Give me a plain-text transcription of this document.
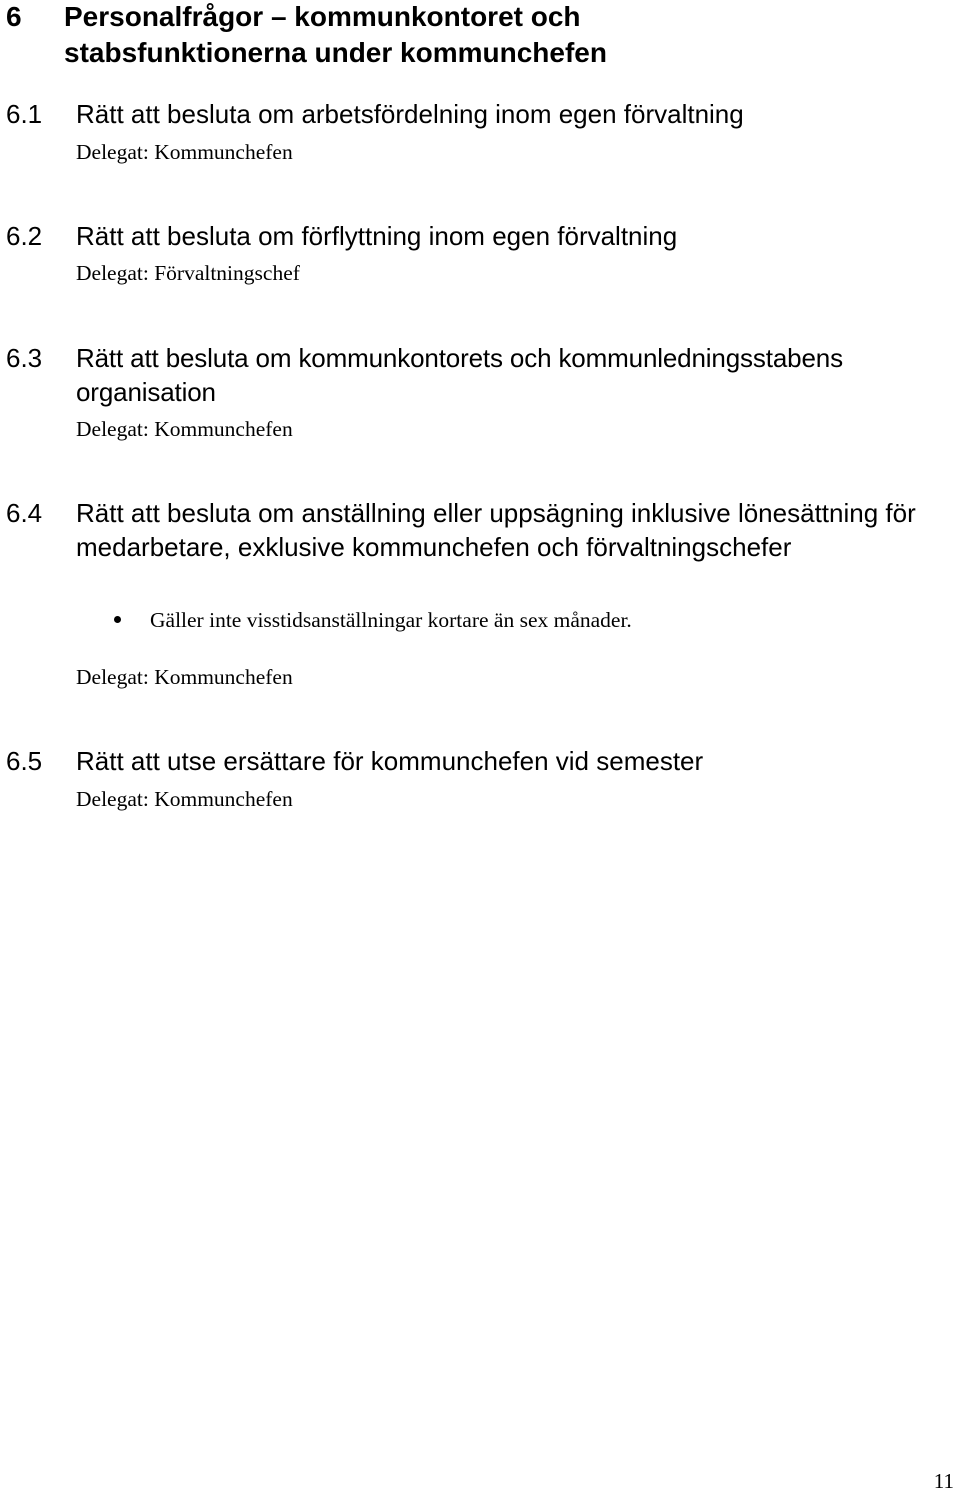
6 Personalfrågor – kommunkontoret och stabsfunktionerna under kommunchefen
6.1 Rätt att besluta om arbetsfördelning inom egen förvaltning
Delegat: Kommunchefen
6.2 Rätt att besluta om förflyttning inom egen förvaltning
Delegat: Förvaltningschef
6.3 Rätt att besluta om kommunkontorets och kommunledningsstabens organisation
Delegat: Kommunchefen
6.4 Rätt att besluta om anställning eller uppsägning inklusive lönesättning för medarbetare, exklusive kommunchefen och förvaltningschefer
Gäller inte visstidsanställningar kortare än sex månader.
Delegat: Kommunchefen
6.5 Rätt att utse ersättare för kommunchefen vid semester
Delegat: Kommunchefen
11
